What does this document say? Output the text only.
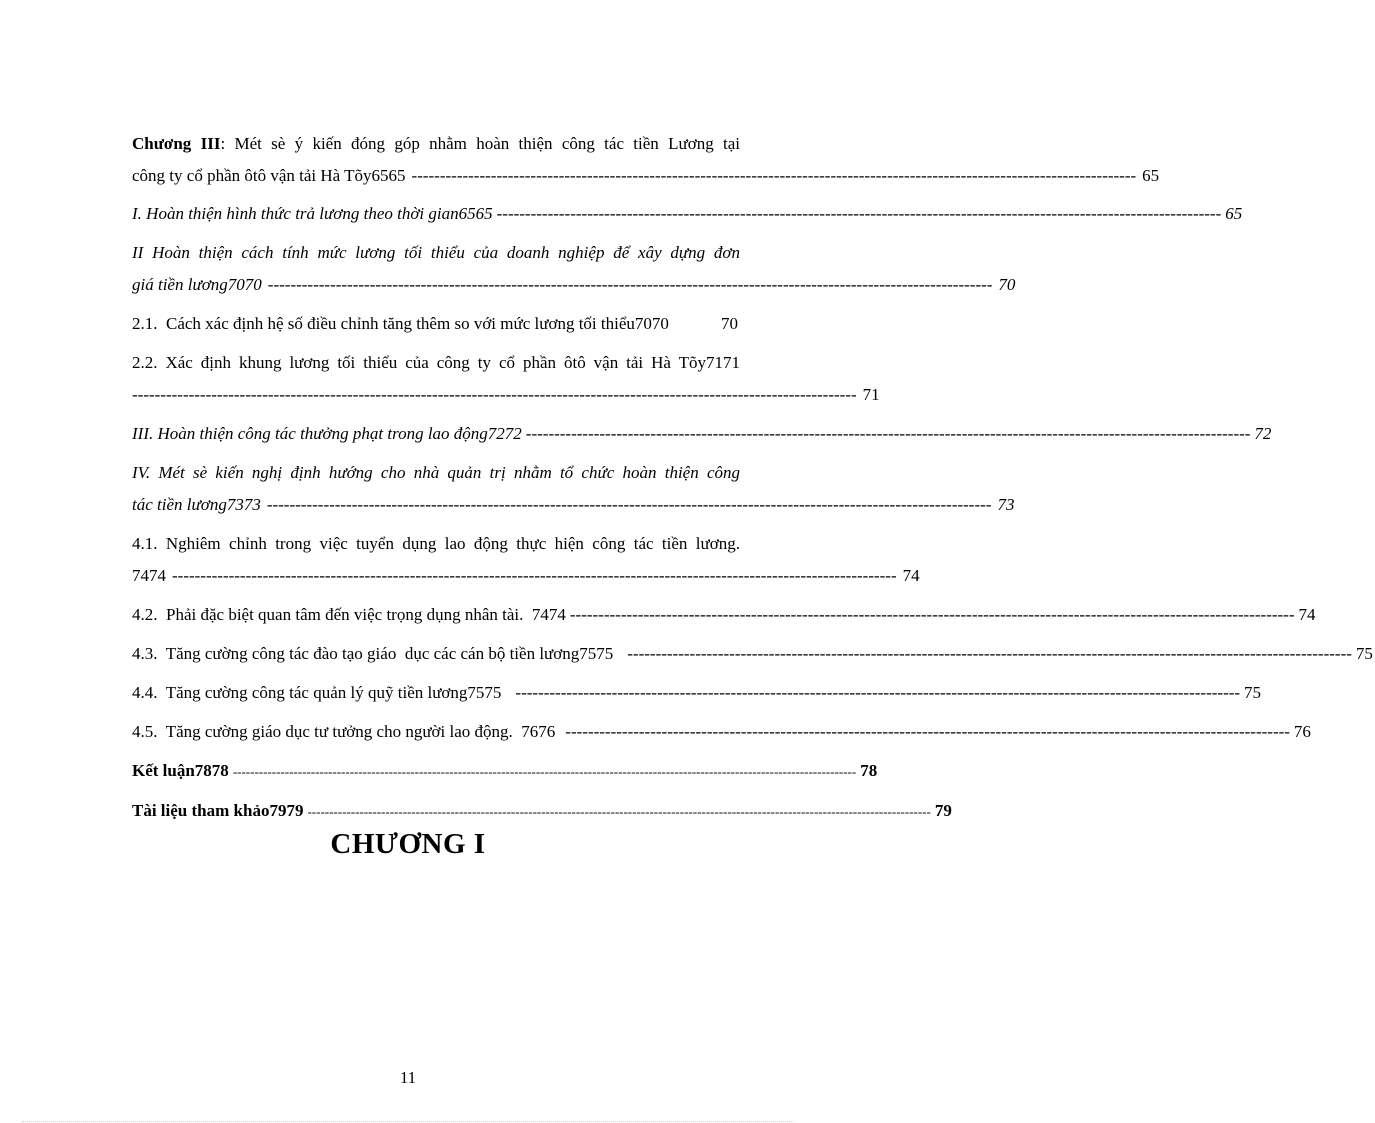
Chương III: Mét sè ý kiến đóng góp nhằm hoàn thiện công tác tiền Lương tại
công ty cổ phần ôtô vận tải Hà Tõy6565 -------------------------------------------------------------------------------------------------------------------------------- 65
I. Hoàn thiện hình thức trả lương theo thời gian6565 -------------------------------------------------------------------------------------------------------------------------------- 65
II Hoàn thiện cách tính mức lương tối thiểu của doanh nghiệp để xây dựng đơn
giá tiền lương7070 -------------------------------------------------------------------------------------------------------------------------------- 70
2.1.  Cách xác định hệ số điều chỉnh tăng thêm so với mức lương tối thiểu7070	70
2.2. Xác định khung lương tối thiểu của công ty cổ phần ôtô vận tải Hà Tõy7171
-------------------------------------------------------------------------------------------------------------------------------- 71
III. Hoàn thiện công tác thưởng phạt trong lao động7272 -------------------------------------------------------------------------------------------------------------------------------- 72
IV. Mét sè kiến nghị định hướng cho nhà quản trị nhằm tổ chức hoàn thiện công
tác tiền lương7373 -------------------------------------------------------------------------------------------------------------------------------- 73
4.1. Nghiêm chỉnh trong việc tuyển dụng lao động thực hiện công tác tiền lương.
7474 -------------------------------------------------------------------------------------------------------------------------------- 74
4.2.  Phải đặc biệt quan tâm đến việc trọng dụng nhân tài.  7474 -------------------------------------------------------------------------------------------------------------------------------- 74
4.3.  Tăng cường công tác đào tạo giáo  dục các cán bộ tiền lương7575 -------------------------------------------------------------------------------------------------------------------------------- 75
4.4.  Tăng cường công tác quản lý quỹ tiền lương7575 -------------------------------------------------------------------------------------------------------------------------------- 75
4.5.  Tăng cường giáo dục tư tưởng cho người lao động.  7676 -------------------------------------------------------------------------------------------------------------------------------- 76
Kết luận7878 ------------------------------------------------------------------------------------------------------------------------------------------------ 78
Tài liệu tham khảo7979 ------------------------------------------------------------------------------------------------------------------------------------------------ 79
CHƯƠNG I
11
